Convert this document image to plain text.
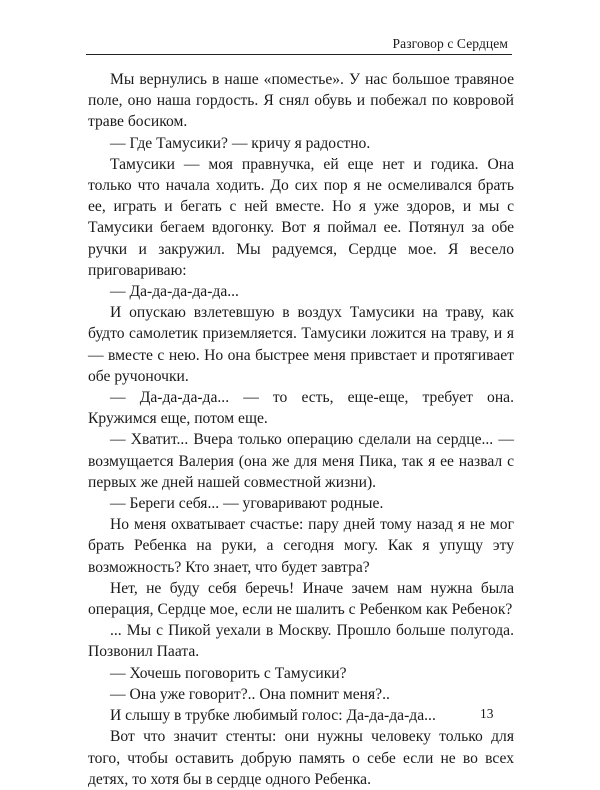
Разговор с Сердцем

Мы вернулись в наше «поместье». У нас большое травяное поле, оно наша гордость. Я снял обувь и побежал по ковровой траве босиком.

— Где Тамусики? — кричу я радостно.

Тамусики — моя правнучка, ей еще нет и годика. Она только что начала ходить. До сих пор я не осмеливался брать ее, играть и бегать с ней вместе. Но я уже здоров, и мы с Тамусики бегаем вдогонку. Вот я поймал ее. Потянул за обе ручки и закружил. Мы радуемся, Сердце мое. Я весело приговариваю:

— Да-да-да-да-да...

И опускаю взлетевшую в воздух Тамусики на траву, как будто самолетик приземляется. Тамусики ложится на траву, и я — вместе с нею. Но она быстрее меня привстает и протягивает обе ручоночки.

— Да-да-да-да... — то есть, еще-еще, требует она. Кружимся еще, потом еще.

— Хватит... Вчера только операцию сделали на сердце... — возмущается Валерия (она же для меня Пика, так я ее назвал с первых же дней нашей совместной жизни).

— Береги себя... — уговаривают родные.

Но меня охватывает счастье: пару дней тому назад я не мог брать Ребенка на руки, а сегодня могу. Как я упущу эту возможность? Кто знает, что будет завтра?

Нет, не буду себя беречь! Иначе зачем нам нужна была операция, Сердце мое, если не шалить с Ребенком как Ребенок?

... Мы с Пикой уехали в Москву. Прошло больше полугода. Позвонил Паата.

— Хочешь поговорить с Тамусики?

— Она уже говорит?.. Она помнит меня?..

И слышу в трубке любимый голос: Да-да-да-да...

Вот что значит стенты: они нужны человеку только для того, чтобы оставить добрую память о себе если не во всех детях, то хотя бы в сердце одного Ребенка.

13
